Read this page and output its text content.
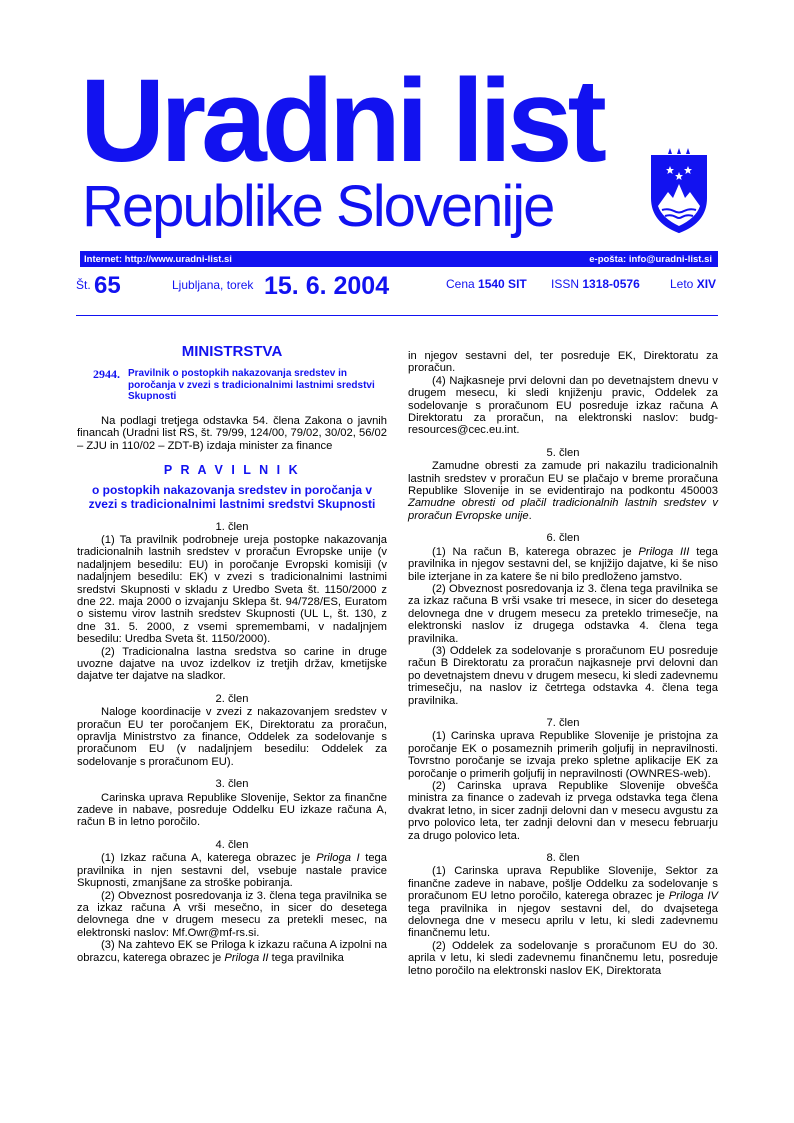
Uradni list
Republike Slovenije
Internet: http://www.uradni-list.si	e-pošta: info@uradni-list.si
Št. 65	Ljubljana, torek 15. 6. 2004	Cena 1540 SIT ISSN 1318-0576	Leto XIV
MINISTRSTVA
2944. Pravilnik o postopkih nakazovanja sredstev in poročanja v zvezi s tradicionalnimi lastnimi sredstvi Skupnosti

Na podlagi tretjega odstavka 54. člena Zakona o javnih financah (Uradni list RS, št. 79/99, 124/00, 79/02, 30/02, 56/02 – ZJU in 110/02 – ZDT-B) izdaja minister za finance

P R A V I L N I K
o postopkih nakazovanja sredstev in poročanja v zvezi s tradicionalnimi lastnimi sredstvi Skupnosti

1. člen

(1) Ta pravilnik podrobneje ureja postopke nakazovanja tradicionalnih lastnih sredstev v proračun Evropske unije (v nadaljnjem besedilu: EU) in poročanje Evropski komisiji (v nadaljnjem besedilu: EK) v zvezi s tradicionalnimi lastnimi sredstvi Skupnosti v skladu z Uredbo Sveta št. 1150/2000 z dne 22. maja 2000 o izvajanju Sklepa št. 94/728/ES, Euratom o sistemu virov lastnih sredstev Skupnosti (UL L, št. 130, z dne 31. 5. 2000, z vsemi spremembami, v nadaljnjem besedilu: Uredba Sveta št. 1150/2000).

(2) Tradicionalna lastna sredstva so carine in druge uvozne dajatve na uvoz izdelkov iz tretjih držav, kmetijske dajatve ter dajatve na sladkor.

2. člen

Naloge koordinacije v zvezi z nakazovanjem sredstev v proračun EU ter poročanjem EK, Direktoratu za proračun, opravlja Ministrstvo za finance, Oddelek za sodelovanje s proračunom EU (v nadaljnjem besedilu: Oddelek za sodelovanje s proračunom EU).

3. člen

Carinska uprava Republike Slovenije, Sektor za finančne zadeve in nabave, posreduje Oddelku EU izkaze računa A, račun B in letno poročilo.

4. člen

(1) Izkaz računa A, katerega obrazec je Priloga I tega pravilnika in njen sestavni del, vsebuje nastale pravice Skupnosti, zmanjšane za stroške pobiranja.

(2) Obveznost posredovanja iz 3. člena tega pravilnika se za izkaz računa A vrši mesečno, in sicer do desetega delovnega dne v drugem mesecu za pretekli mesec, na elektronski naslov: Mf.Owr@mf-rs.si.

(3) Na zahtevo EK se Priloga k izkazu računa A izpolni na obrazcu, katerega obrazec je Priloga II tega pravilnika

in njegov sestavni del, ter posreduje EK, Direktoratu za proračun.

(4) Najkasneje prvi delovni dan po devetnajstem dnevu v drugem mesecu, ki sledi knjiženju pravic, Oddelek za sodelovanje s proračunom EU posreduje izkaz računa A Direktoratu za proračun, na elektronski naslov: budg-resources@cec.eu.int.

5. člen

Zamudne obresti za zamude pri nakazilu tradicionalnih lastnih sredstev v proračun EU se plačajo v breme proračuna Republike Slovenije in se evidentirajo na podkontu 450003 Zamudne obresti od plačil tradicionalnih lastnih sredstev v proračun Evropske unije.

6. člen

(1) Na račun B, katerega obrazec je Priloga III tega pravilnika in njegov sestavni del, se knjižijo dajatve, ki še niso bile izterjane in za katere še ni bilo predloženo jamstvo.

(2) Obveznost posredovanja iz 3. člena tega pravilnika se za izkaz računa B vrši vsake tri mesece, in sicer do desetega delovnega dne v drugem mesecu za preteklo trimesečje, na elektronski naslov iz drugega odstavka 4. člena tega pravilnika.

(3) Oddelek za sodelovanje s proračunom EU posreduje račun B Direktoratu za proračun najkasneje prvi delovni dan po devetnajstem dnevu v drugem mesecu, ki sledi zadevnemu trimesečju, na naslov iz četrtega odstavka 4. člena tega pravilnika.

7. člen

(1) Carinska uprava Republike Slovenije je pristojna za poročanje EK o posameznih primerih goljufij in nepravilnosti. Tovrstno poročanje se izvaja preko spletne aplikacije EK za poročanje o primerih goljufij in nepravilnosti (OWNRES-web).

(2) Carinska uprava Republike Slovenije obvešča ministra za finance o zadevah iz prvega odstavka tega člena dvakrat letno, in sicer zadnji delovni dan v mesecu avgustu za prvo polovico leta, ter zadnji delovni dan v mesecu februarju za drugo polovico leta.

8. člen

(1) Carinska uprava Republike Slovenije, Sektor za finančne zadeve in nabave, pošlje Oddelku za sodelovanje s proračunom EU letno poročilo, katerega obrazec je Priloga IV tega pravilnika in njegov sestavni del, do dvajsetega delovnega dne v mesecu aprilu v letu, ki sledi zadevnemu finančnemu letu.

(2) Oddelek za sodelovanje s proračunom EU do 30. aprila v letu, ki sledi zadevnemu finančnemu letu, posreduje letno poročilo na elektronski naslov EK, Direktorata
